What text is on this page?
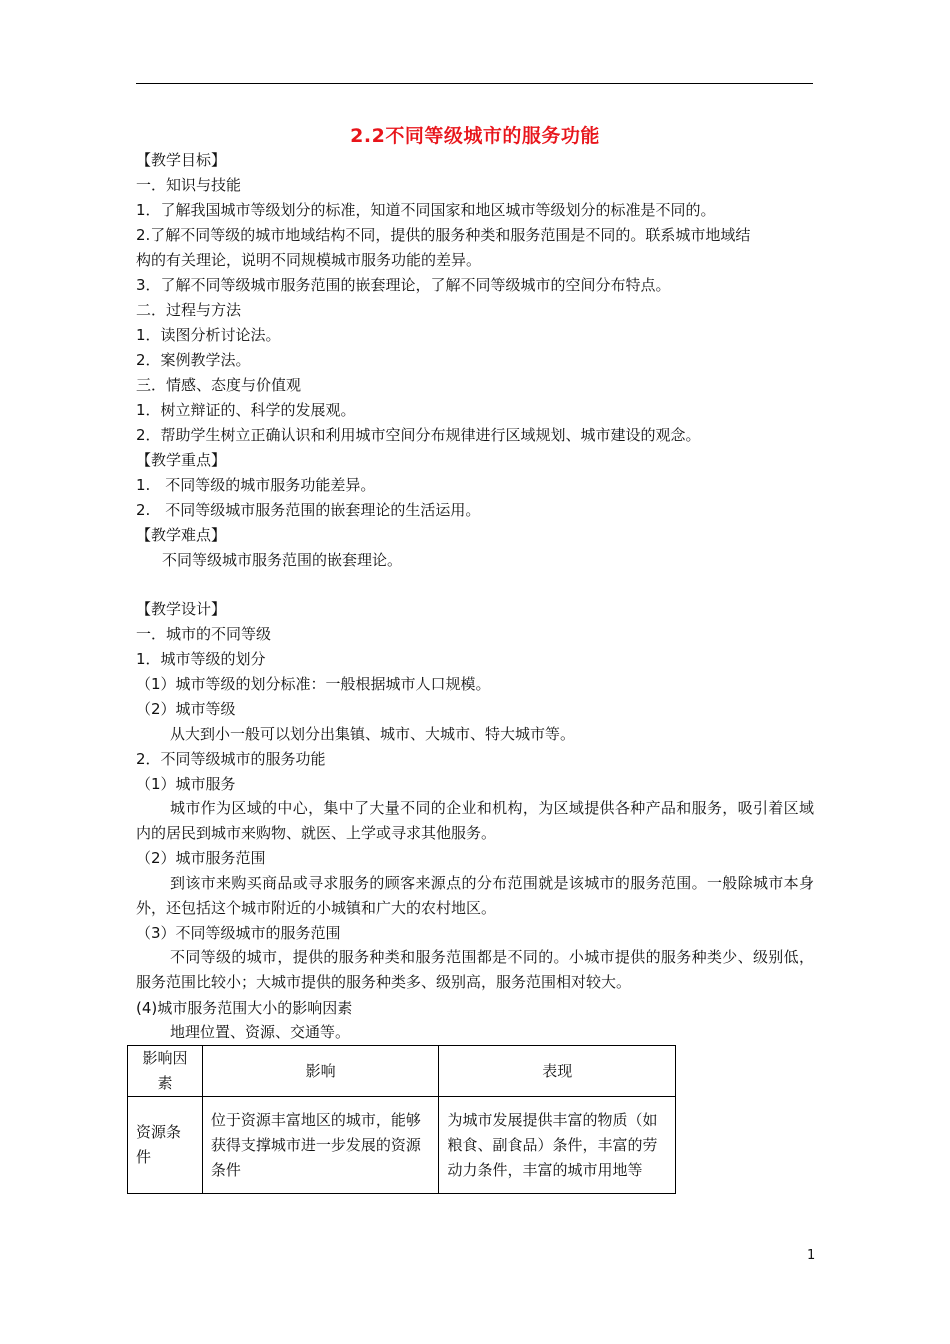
2.2不同等级城市的服务功能
【教学目标】
一．知识与技能
1．了解我国城市等级划分的标准，知道不同国家和地区城市等级划分的标准是不同的。
2.了解不同等级的城市地域结构不同，提供的服务种类和服务范围是不同的。联系城市地域结
构的有关理论，说明不同规模城市服务功能的差异。
3．了解不同等级城市服务范围的嵌套理论，了解不同等级城市的空间分布特点。
二．过程与方法
1．读图分析讨论法。
2．案例教学法。
三．情感、态度与价值观
1．树立辩证的、科学的发展观。
2．帮助学生树立正确认识和利用城市空间分布规律进行区域规划、城市建设的观念。
【教学重点】
1.　不同等级的城市服务功能差异。
2.　不同等级城市服务范围的嵌套理论的生活运用。
【教学难点】
不同等级城市服务范围的嵌套理论。
【教学设计】
一．城市的不同等级
1．城市等级的划分
（1）城市等级的划分标准：一般根据城市人口规模。
（2）城市等级
从大到小一般可以划分出集镇、城市、大城市、特大城市等。
2．不同等级城市的服务功能
（1）城市服务
城市作为区域的中心，集中了大量不同的企业和机构，为区域提供各种产品和服务，吸引着区域内的居民到城市来购物、就医、上学或寻求其他服务。
（2）城市服务范围
到该市来购买商品或寻求服务的顾客来源点的分布范围就是该城市的服务范围。一般除城市本身外，还包括这个城市附近的小城镇和广大的农村地区。
（3）不同等级城市的服务范围
不同等级的城市，提供的服务种类和服务范围都是不同的。小城市提供的服务种类少、级别低，服务范围比较小；大城市提供的服务种类多、级别高，服务范围相对较大。
(4)城市服务范围大小的影响因素
地理位置、资源、交通等。
影响因素	影响	表现
资源条件	位于资源丰富地区的城市，能够获得支撑城市进一步发展的资源条件	为城市发展提供丰富的物质（如粮食、副食品）条件，丰富的劳动力条件，丰富的城市用地等
1
